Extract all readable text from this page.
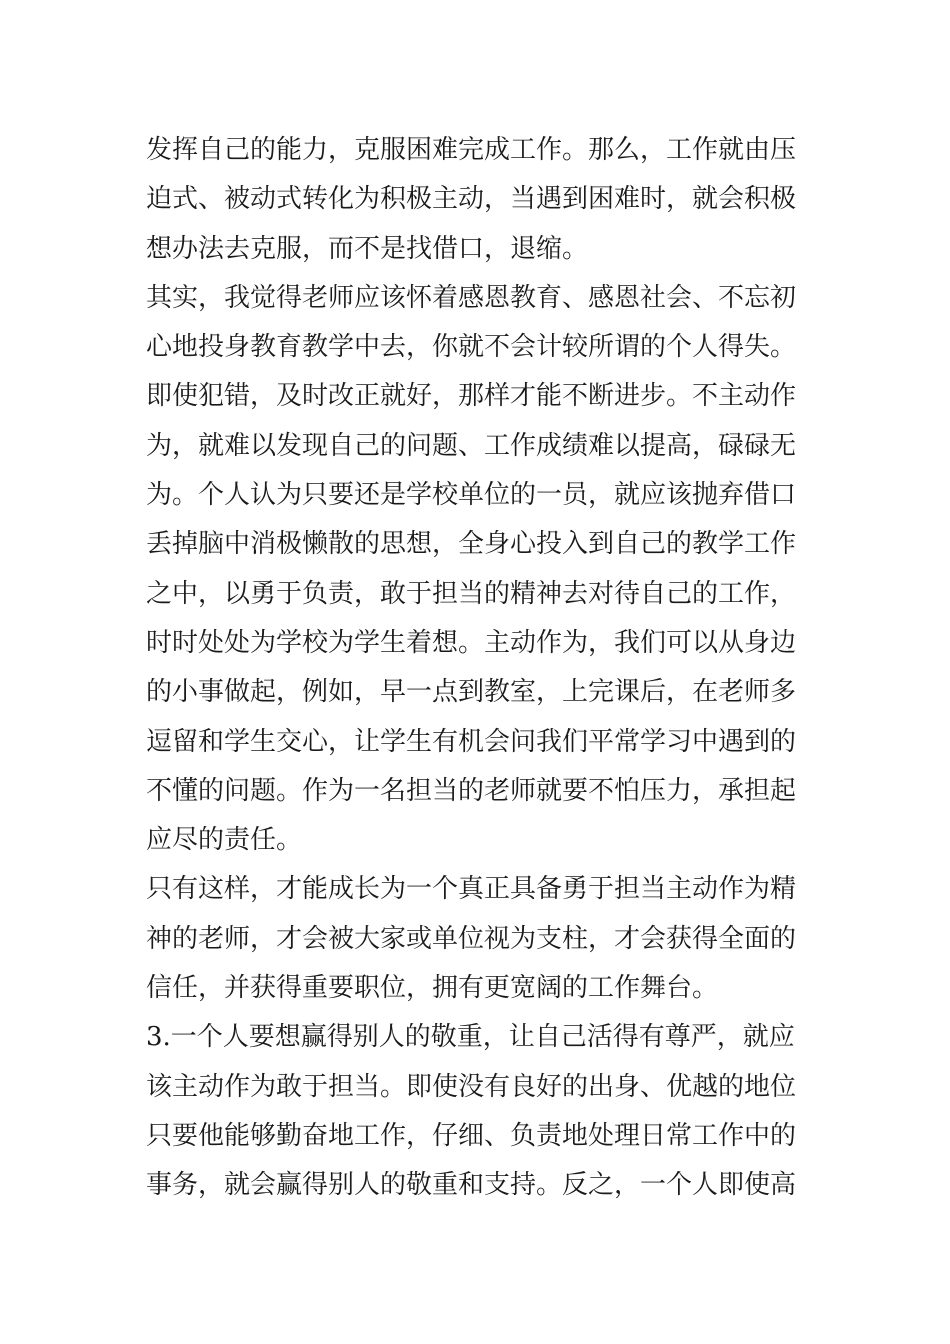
发挥自己的能力，克服困难完成工作。那么，工作就由压
迫式、被动式转化为积极主动，当遇到困难时，就会积极
想办法去克服，而不是找借口，退缩。
其实，我觉得老师应该怀着感恩教育、感恩社会、不忘初
心地投身教育教学中去，你就不会计较所谓的个人得失。
即使犯错，及时改正就好，那样才能不断进步。不主动作
为，就难以发现自己的问题、工作成绩难以提高，碌碌无
为。个人认为只要还是学校单位的一员，就应该抛弃借口
丢掉脑中消极懒散的思想，全身心投入到自己的教学工作
之中，以勇于负责，敢于担当的精神去对待自己的工作，
时时处处为学校为学生着想。主动作为，我们可以从身边
的小事做起，例如，早一点到教室，上完课后，在老师多
逗留和学生交心，让学生有机会问我们平常学习中遇到的
不懂的问题。作为一名担当的老师就要不怕压力，承担起
应尽的责任。
只有这样，才能成长为一个真正具备勇于担当主动作为精
神的老师，才会被大家或单位视为支柱，才会获得全面的
信任，并获得重要职位，拥有更宽阔的工作舞台。
3.一个人要想赢得别人的敬重，让自己活得有尊严，就应
该主动作为敢于担当。即使没有良好的出身、优越的地位
只要他能够勤奋地工作，仔细、负责地处理日常工作中的
事务，就会赢得别人的敬重和支持。反之，一个人即使高
